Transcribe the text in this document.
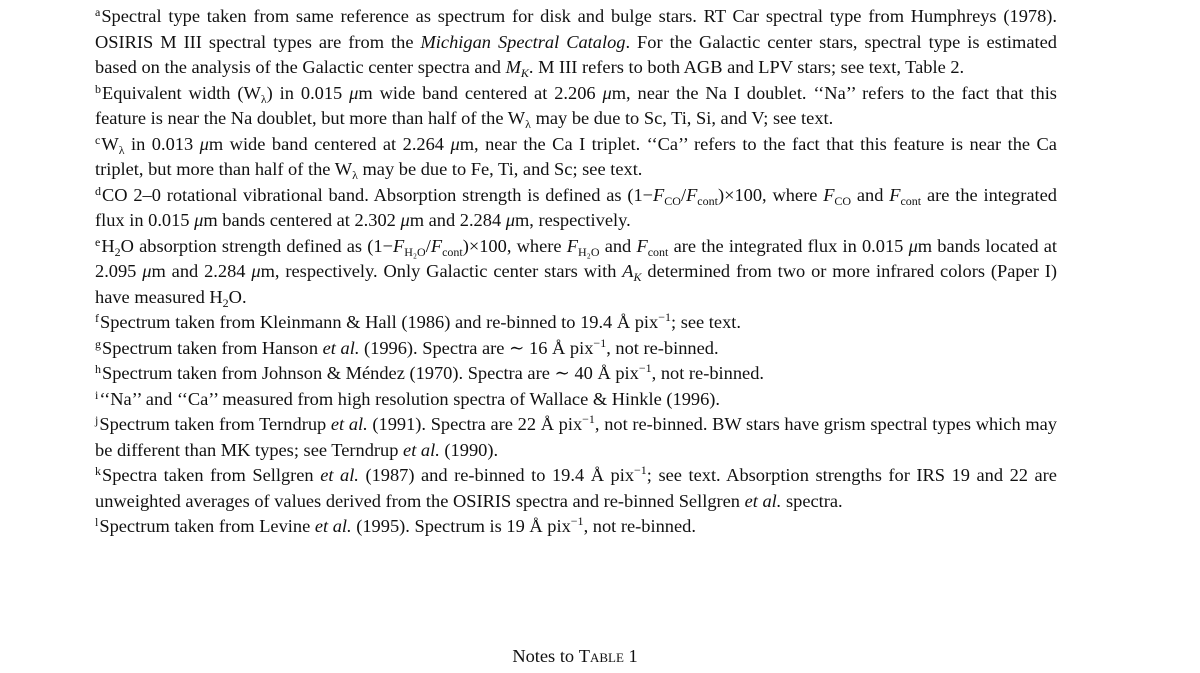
$^a$Spectral type taken from same reference as spectrum for disk and bulge stars. RT Car spectral type from Humphreys (1978). OSIRIS M III spectral types are from the Michigan Spectral Catalog. For the Galactic center stars, spectral type is estimated based on the analysis of the Galactic center spectra and $M_K$. M III refers to both AGB and LPV stars; see text, Table 2.

$^b$Equivalent width $(W_\lambda)$ in 0.015 μm wide band centered at 2.206 μm, near the Na I doublet. ‘‘Na’’ refers to the fact that this feature is near the Na doublet, but more than half of the $W_\lambda$ may be due to Sc, Ti, Si, and V; see text.

$^cW_\lambda$ in 0.013 μm wide band centered at 2.264 μm, near the Ca I triplet. ‘‘Ca’’ refers to the fact that this feature is near the Ca triplet, but more than half of the $W_\lambda$ may be due to Fe, Ti, and Sc; see text.

$^d$CO 2–0 rotational vibrational band. Absorption strength is defined as $(1-F_{CO}/F_{cont})\times 100$, where $F_{CO}$ and $F_{cont}$ are the integrated flux in 0.015 μm bands centered at 2.302 μm and 2.284 μm, respectively.

$^eH_2O$ absorption strength defined as $(1-F_{H_2O}/F_{cont})\times 100$, where $F_{H_2O}$ and $F_{cont}$ are the integrated flux in 0.015 μm bands located at 2.095 μm and 2.284 μm, respectively. Only Galactic center stars with $A_K$ determined from two or more infrared colors (Paper I) have measured $H_2O$.

$^f$Spectrum taken from Kleinmann & Hall (1986) and re-binned to 19.4 Å pix$^{-1}$; see text.

$^g$Spectrum taken from Hanson et al. (1996). Spectra are ∼ 16 Å pix$^{-1}$, not re-binned.

$^h$Spectrum taken from Johnson & Méndez (1970). Spectra are ∼ 40 Å pix$^{-1}$, not re-binned.

$^i$‘‘Na’’ and ‘‘Ca’’ measured from high resolution spectra of Wallace & Hinkle (1996).

$^j$Spectrum taken from Terndrup et al. (1991). Spectra are 22 Å pix$^{-1}$, not re-binned. BW stars have grism spectral types which may be different than MK types; see Terndrup et al. (1990).

$^k$Spectra taken from Sellgren et al. (1987) and re-binned to 19.4 Å pix$^{-1}$; see text. Absorption strengths for IRS 19 and 22 are unweighted averages of values derived from the OSIRIS spectra and re-binned Sellgren et al. spectra.

$^l$Spectrum taken from Levine et al. (1995). Spectrum is 19 Å pix$^{-1}$, not re-binned.

Notes to Table 1
